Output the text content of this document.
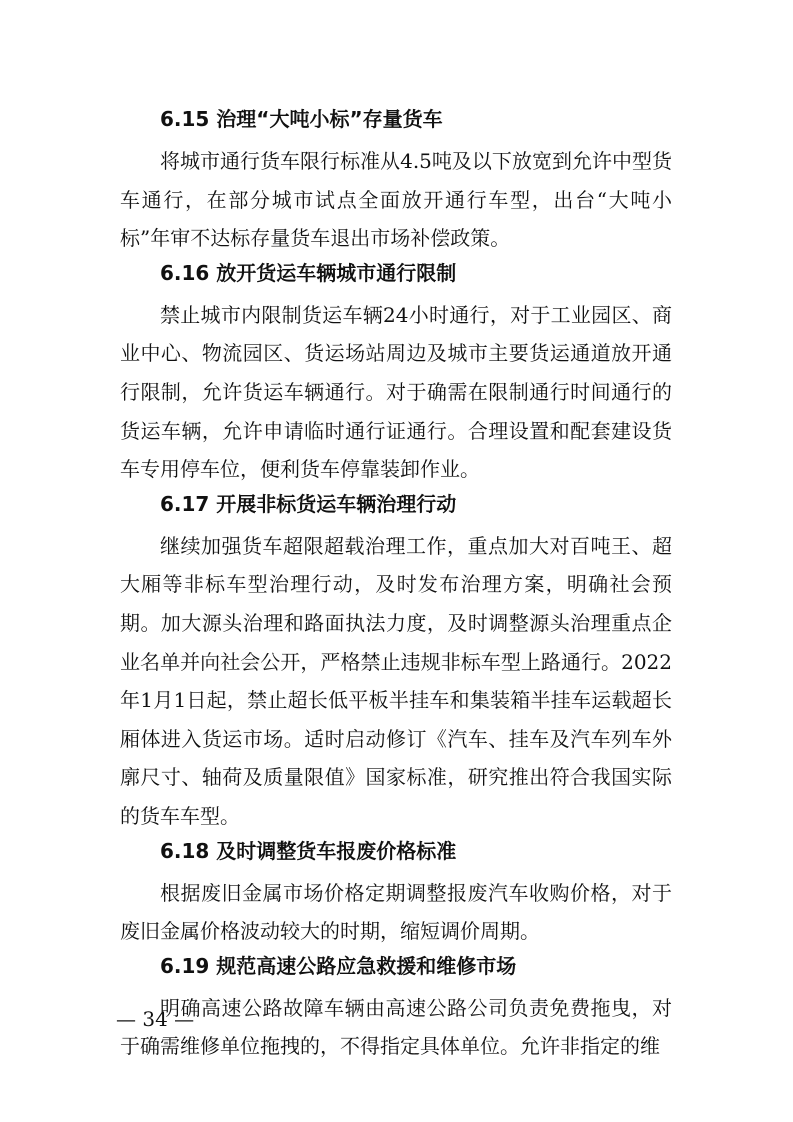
6.15 治理“大吨小标”存量货车

将城市通行货车限行标准从4.5吨及以下放宽到允许中型货车通行，在部分城市试点全面放开通行车型，出台“大吨小标”年审不达标存量货车退出市场补偿政策。

6.16 放开货运车辆城市通行限制

禁止城市内限制货运车辆24小时通行，对于工业园区、商业中心、物流园区、货运场站周边及城市主要货运通道放开通行限制，允许货运车辆通行。对于确需在限制通行时间通行的货运车辆，允许申请临时通行证通行。合理设置和配套建设货车专用停车位，便利货车停靠装卸作业。

6.17 开展非标货运车辆治理行动

继续加强货车超限超载治理工作，重点加大对百吨王、超大厢等非标车型治理行动，及时发布治理方案，明确社会预期。加大源头治理和路面执法力度，及时调整源头治理重点企业名单并向社会公开，严格禁止违规非标车型上路通行。2022年1月1日起，禁止超长低平板半挂车和集装箱半挂车运载超长厢体进入货运市场。适时启动修订《汽车、挂车及汽车列车外廓尺寸、轴荷及质量限值》国家标准，研究推出符合我国实际的货车车型。

6.18 及时调整货车报废价格标准

根据废旧金属市场价格定期调整报废汽车收购价格，对于废旧金属价格波动较大的时期，缩短调价周期。

6.19 规范高速公路应急救援和维修市场

明确高速公路故障车辆由高速公路公司负责免费拖曳，对于确需维修单位拖拽的，不得指定具体单位。允许非指定的维

— 34 —
